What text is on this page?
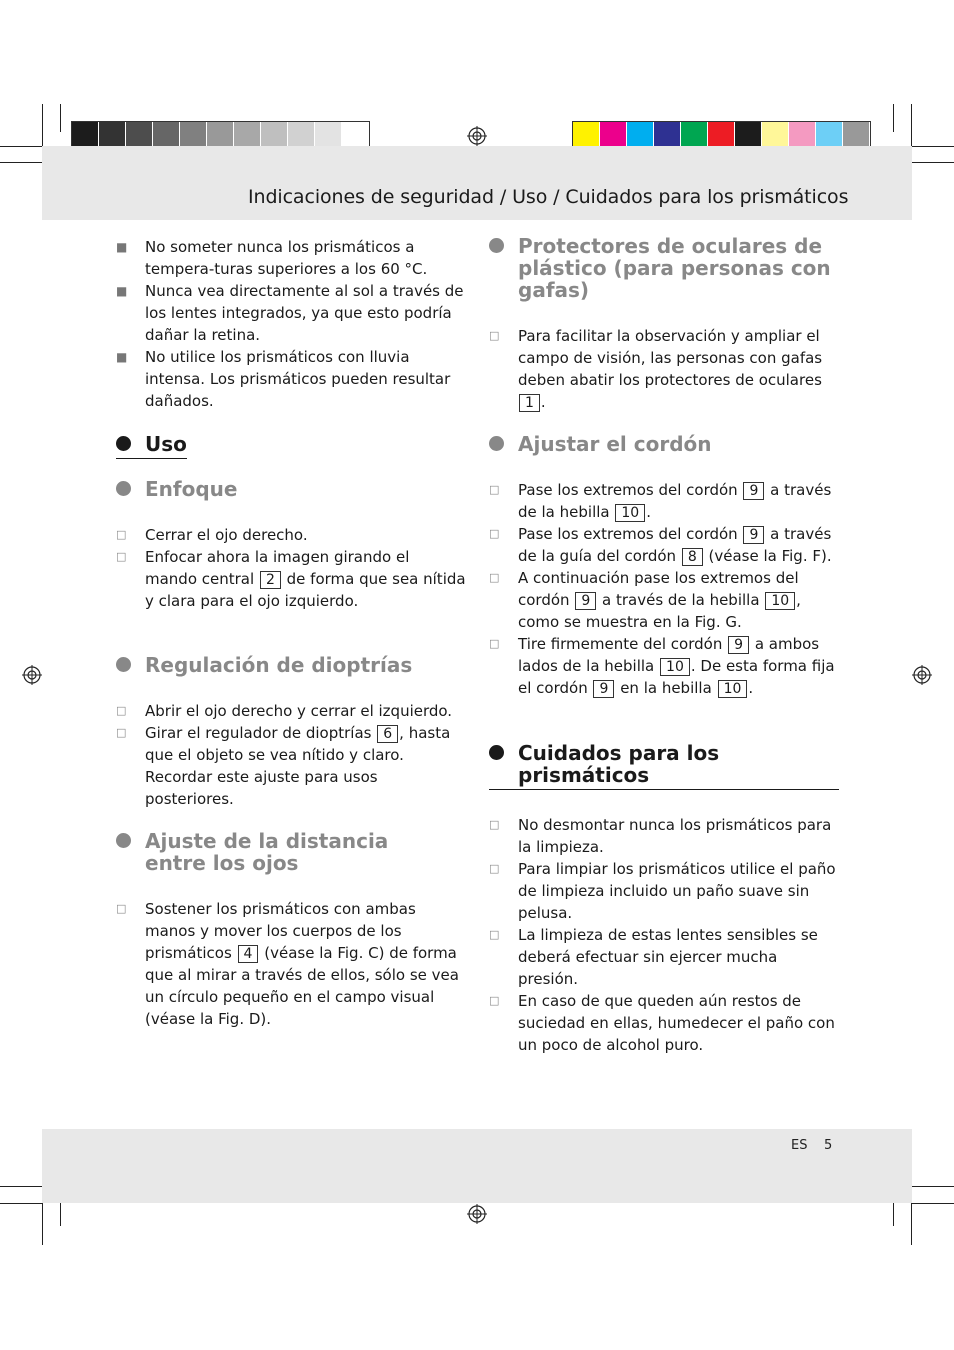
Indicaciones de seguridad / Uso / Cuidados para los prismáticos

■ No someter nunca los prismáticos a tempera-turas superiores a los 60 °C.

■ Nunca vea directamente al sol a través de los lentes integrados, ya que esto podría dañar la retina.

■ No utilice los prismáticos con lluvia intensa. Los prismáticos pueden resultar dañados.

Uso
Enfoque

□ Cerrar el ojo derecho.

□ Enfocar ahora la imagen girando el mando central 2 de forma que sea nítida y clara para el ojo izquierdo.

Regulación de dioptrías

□ Abrir el ojo derecho y cerrar el izquierdo.

□ Girar el regulador de dioptrías 6 , hasta que el objeto se vea nítido y claro. Recordar este ajuste para usos posteriores.

Ajuste de la distancia
entre los ojos

□ Sostener los prismáticos con ambas manos y mover los cuerpos de los prismáticos 4 (véase la Fig. C) de forma que al mirar a través de ellos, sólo se vea un círculo pequeño en el campo visual (véase la Fig. D).

Protectores de oculares de
plástico (para personas con
gafas)

□ Para facilitar la observación y ampliar el campo de visión, las personas con gafas deben abatir los protectores de oculares 1 .

Ajustar el cordón

□ Pase los extremos del cordón 9 a través de la hebilla 10 .

□ Pase los extremos del cordón 9 a través de la guía del cordón 8 (véase la Fig. F).

□ A continuación pase los extremos del cordón 9 a través de la hebilla 10 , como se muestra en la Fig. G.

□ Tire firmemente del cordón 9 a ambos lados de la hebilla 10 . De esta forma fija el cordón 9 en la hebilla 10 .

Cuidados para los prismáticos

□ No desmontar nunca los prismáticos para la limpieza.

□ Para limpiar los prismáticos utilice el paño de limpieza incluido un paño suave sin pelusa.

□ La limpieza de estas lentes sensibles se deberá efectuar sin ejercer mucha presión.

□ En caso de que queden aún restos de suciedad en ellas, humedecer el paño con un poco de alcohol puro.

ES 5
